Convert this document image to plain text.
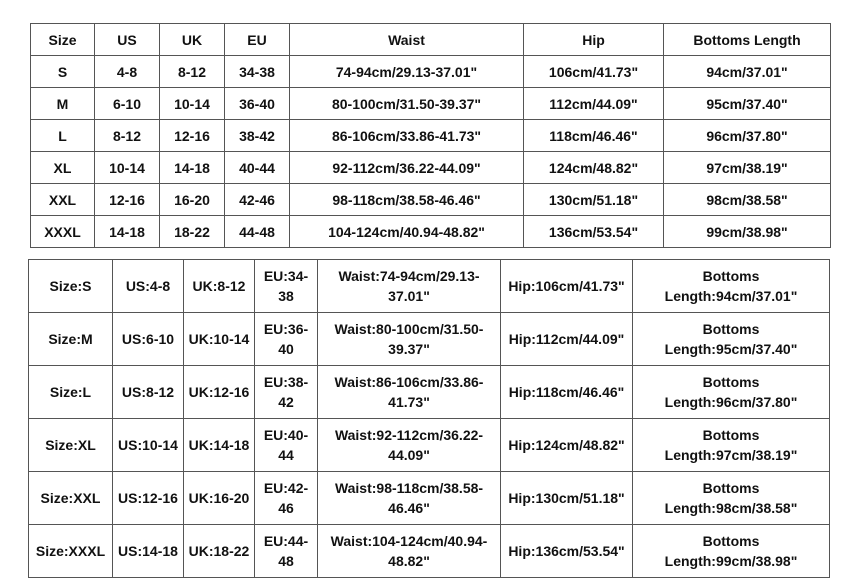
Size	US	UK	EU	Waist	Hip	Bottoms Length
S	4-8	8-12	34-38	74-94cm/29.13-37.01"	106cm/41.73"	94cm/37.01"
M	6-10	10-14	36-40	80-100cm/31.50-39.37"	112cm/44.09"	95cm/37.40"
L	8-12	12-16	38-42	86-106cm/33.86-41.73"	118cm/46.46"	96cm/37.80"
XL	10-14	14-18	40-44	92-112cm/36.22-44.09"	124cm/48.82"	97cm/38.19"
XXL	12-16	16-20	42-46	98-118cm/38.58-46.46"	130cm/51.18"	98cm/38.58"
XXXL	14-18	18-22	44-48	104-124cm/40.94-48.82"	136cm/53.54"	99cm/38.98"
Size:S	US:4-8	UK:8-12	EU:34-38	Waist:74-94cm/29.13-37.01"	Hip:106cm/41.73"	Bottoms Length:94cm/37.01"
Size:M	US:6-10	UK:10-14	EU:36-40	Waist:80-100cm/31.50-39.37"	Hip:112cm/44.09"	Bottoms Length:95cm/37.40"
Size:L	US:8-12	UK:12-16	EU:38-42	Waist:86-106cm/33.86-41.73"	Hip:118cm/46.46"	Bottoms Length:96cm/37.80"
Size:XL	US:10-14	UK:14-18	EU:40-44	Waist:92-112cm/36.22-44.09"	Hip:124cm/48.82"	Bottoms Length:97cm/38.19"
Size:XXL	US:12-16	UK:16-20	EU:42-46	Waist:98-118cm/38.58-46.46"	Hip:130cm/51.18"	Bottoms Length:98cm/38.58"
Size:XXXL	US:14-18	UK:18-22	EU:44-48	Waist:104-124cm/40.94-48.82"	Hip:136cm/53.54"	Bottoms Length:99cm/38.98"
